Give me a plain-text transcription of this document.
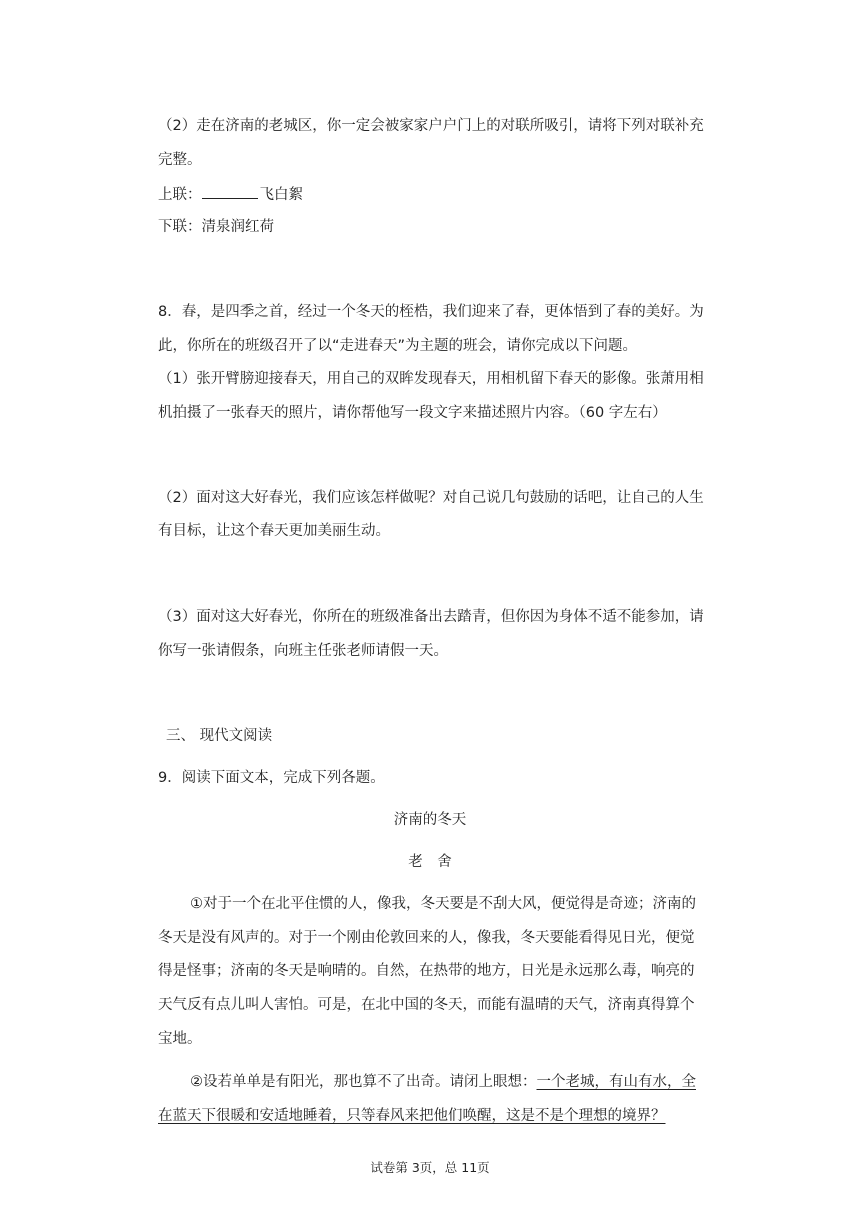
（2）走在济南的老城区，你一定会被家家户户门上的对联所吸引，请将下列对联补充

完整。

上联：	飞白絮

下联：清泉润红荷

8．春，是四季之首，经过一个冬天的桎梏，我们迎来了春，更体悟到了春的美好。为

此，你所在的班级召开了以“走进春天”为主题的班会，请你完成以下问题。

（1）张开臂膀迎接春天，用自己的双眸发现春天，用相机留下春天的影像。张萧用相

机拍摄了一张春天的照片，请你帮他写一段文字来描述照片内容。（60 字左右）

（2）面对这大好春光，我们应该怎样做呢？对自己说几句鼓励的话吧，让自己的人生

有目标，让这个春天更加美丽生动。

（3）面对这大好春光，你所在的班级准备出去踏青，但你因为身体不适不能参加，请

你写一张请假条，向班主任张老师请假一天。

三、 现代文阅读

9．阅读下面文本，完成下列各题。

济南的冬天

老　舍

①对于一个在北平住惯的人，像我，冬天要是不刮大风，便觉得是奇迹；济南的

冬天是没有风声的。对于一个刚由伦敦回来的人，像我，冬天要能看得见日光，便觉

得是怪事；济南的冬天是响晴的。自然，在热带的地方，日光是永远那么毒，响亮的

天气反有点儿叫人害怕。可是，在北中国的冬天，而能有温晴的天气，济南真得算个

宝地。

②设若单单是有阳光，那也算不了出奇。请闭上眼想：一个老城，有山有水，全

在蓝天下很暖和安适地睡着，只等春风来把他们唤醒，这是不是个理想的境界？

试卷第 3页，总 11页
